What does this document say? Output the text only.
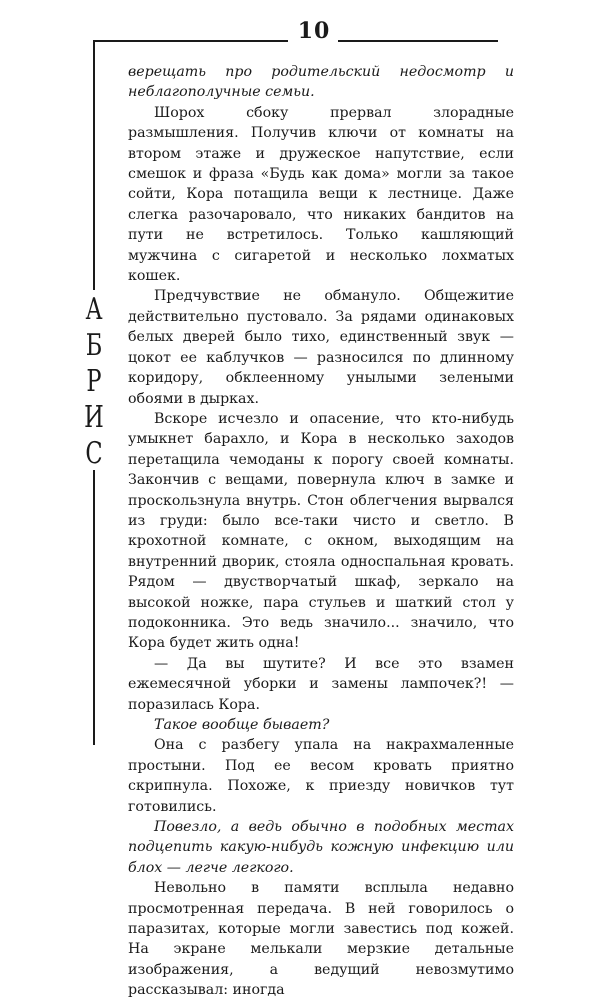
10
А
Б
Р
И
С

верещать про родительский недосмотр и неблагополучные семьи.

Шорох сбоку прервал злорадные размышления. Получив ключи от комнаты на втором этаже и дружеское напутствие, если смешок и фраза «Будь как дома» могли за такое сойти, Кора потащила вещи к лестнице. Даже слегка разочаровало, что никаких бандитов на пути не встретилось. Только кашляющий мужчина с сигаретой и несколько лохматых кошек.

Предчувствие не обмануло. Общежитие действительно пустовало. За рядами одинаковых белых дверей было тихо, единственный звук — цокот ее каблучков — разносился по длинному коридору, обклеенному унылыми зелеными обоями в дырках.

Вскоре исчезло и опасение, что кто-нибудь умыкнет барахло, и Кора в несколько заходов перетащила чемоданы к порогу своей комнаты. Закончив с вещами, повернула ключ в замке и проскользнула внутрь. Стон облегчения вырвался из груди: было все-таки чисто и светло. В крохотной комнате, с окном, выходящим на внутренний дворик, стояла односпальная кровать. Рядом — двустворчатый шкаф, зеркало на высокой ножке, пара стульев и шаткий стол у подоконника. Это ведь значило... значило, что Кора будет жить одна!

— Да вы шутите? И все это взамен ежемесячной уборки и замены лампочек?! — поразилась Кора.

Такое вообще бывает?

Она с разбегу упала на накрахмаленные простыни. Под ее весом кровать приятно скрипнула. Похоже, к приезду новичков тут готовились.

Повезло, а ведь обычно в подобных местах подцепить какую-нибудь кожную инфекцию или блох — легче легкого.

Невольно в памяти всплыла недавно просмотренная передача. В ней говорилось о паразитах, которые могли завестись под кожей. На экране мелькали мерзкие детальные изображения, а ведущий невозмутимо рассказывал: иногда
